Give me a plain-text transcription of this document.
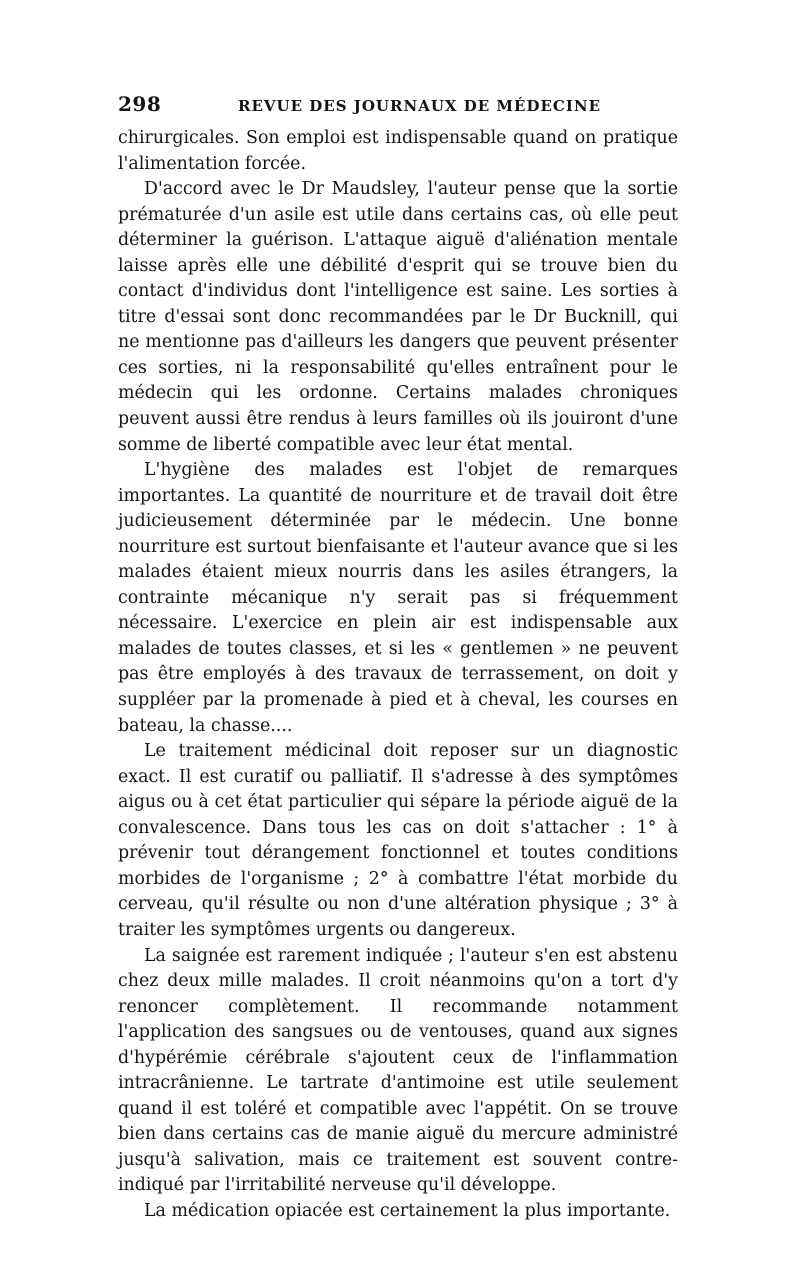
298	REVUE DES JOURNAUX DE MÉDECINE

chirurgicales. Son emploi est indispensable quand on pratique l'alimentation forcée.

D'accord avec le Dr Maudsley, l'auteur pense que la sortie prématurée d'un asile est utile dans certains cas, où elle peut déterminer la guérison. L'attaque aiguë d'aliénation mentale laisse après elle une débilité d'esprit qui se trouve bien du contact d'individus dont l'intelligence est saine. Les sorties à titre d'essai sont donc recommandées par le Dr Bucknill, qui ne mentionne pas d'ailleurs les dangers que peuvent présenter ces sorties, ni la responsabilité qu'elles entraînent pour le médecin qui les ordonne. Certains malades chroniques peuvent aussi être rendus à leurs familles où ils jouiront d'une somme de liberté compatible avec leur état mental.

L'hygiène des malades est l'objet de remarques importantes. La quantité de nourriture et de travail doit être judicieusement déterminée par le médecin. Une bonne nourriture est surtout bienfaisante et l'auteur avance que si les malades étaient mieux nourris dans les asiles étrangers, la contrainte mécanique n'y serait pas si fréquemment nécessaire. L'exercice en plein air est indispensable aux malades de toutes classes, et si les « gentlemen » ne peuvent pas être employés à des travaux de terrassement, on doit y suppléer par la promenade à pied et à cheval, les courses en bateau, la chasse....

Le traitement médicinal doit reposer sur un diagnostic exact. Il est curatif ou palliatif. Il s'adresse à des symptômes aigus ou à cet état particulier qui sépare la période aiguë de la convalescence. Dans tous les cas on doit s'attacher : 1° à prévenir tout dérangement fonctionnel et toutes conditions morbides de l'organisme ; 2° à combattre l'état morbide du cerveau, qu'il résulte ou non d'une altération physique ; 3° à traiter les symptômes urgents ou dangereux.

La saignée est rarement indiquée ; l'auteur s'en est abstenu chez deux mille malades. Il croit néanmoins qu'on a tort d'y renoncer complètement. Il recommande notamment l'application des sangsues ou de ventouses, quand aux signes d'hypérémie cérébrale s'ajoutent ceux de l'inflammation intracrânienne. Le tartrate d'antimoine est utile seulement quand il est toléré et compatible avec l'appétit. On se trouve bien dans certains cas de manie aiguë du mercure administré jusqu'à salivation, mais ce traitement est souvent contre-indiqué par l'irritabilité nerveuse qu'il développe.

La médication opiacée est certainement la plus importante.
